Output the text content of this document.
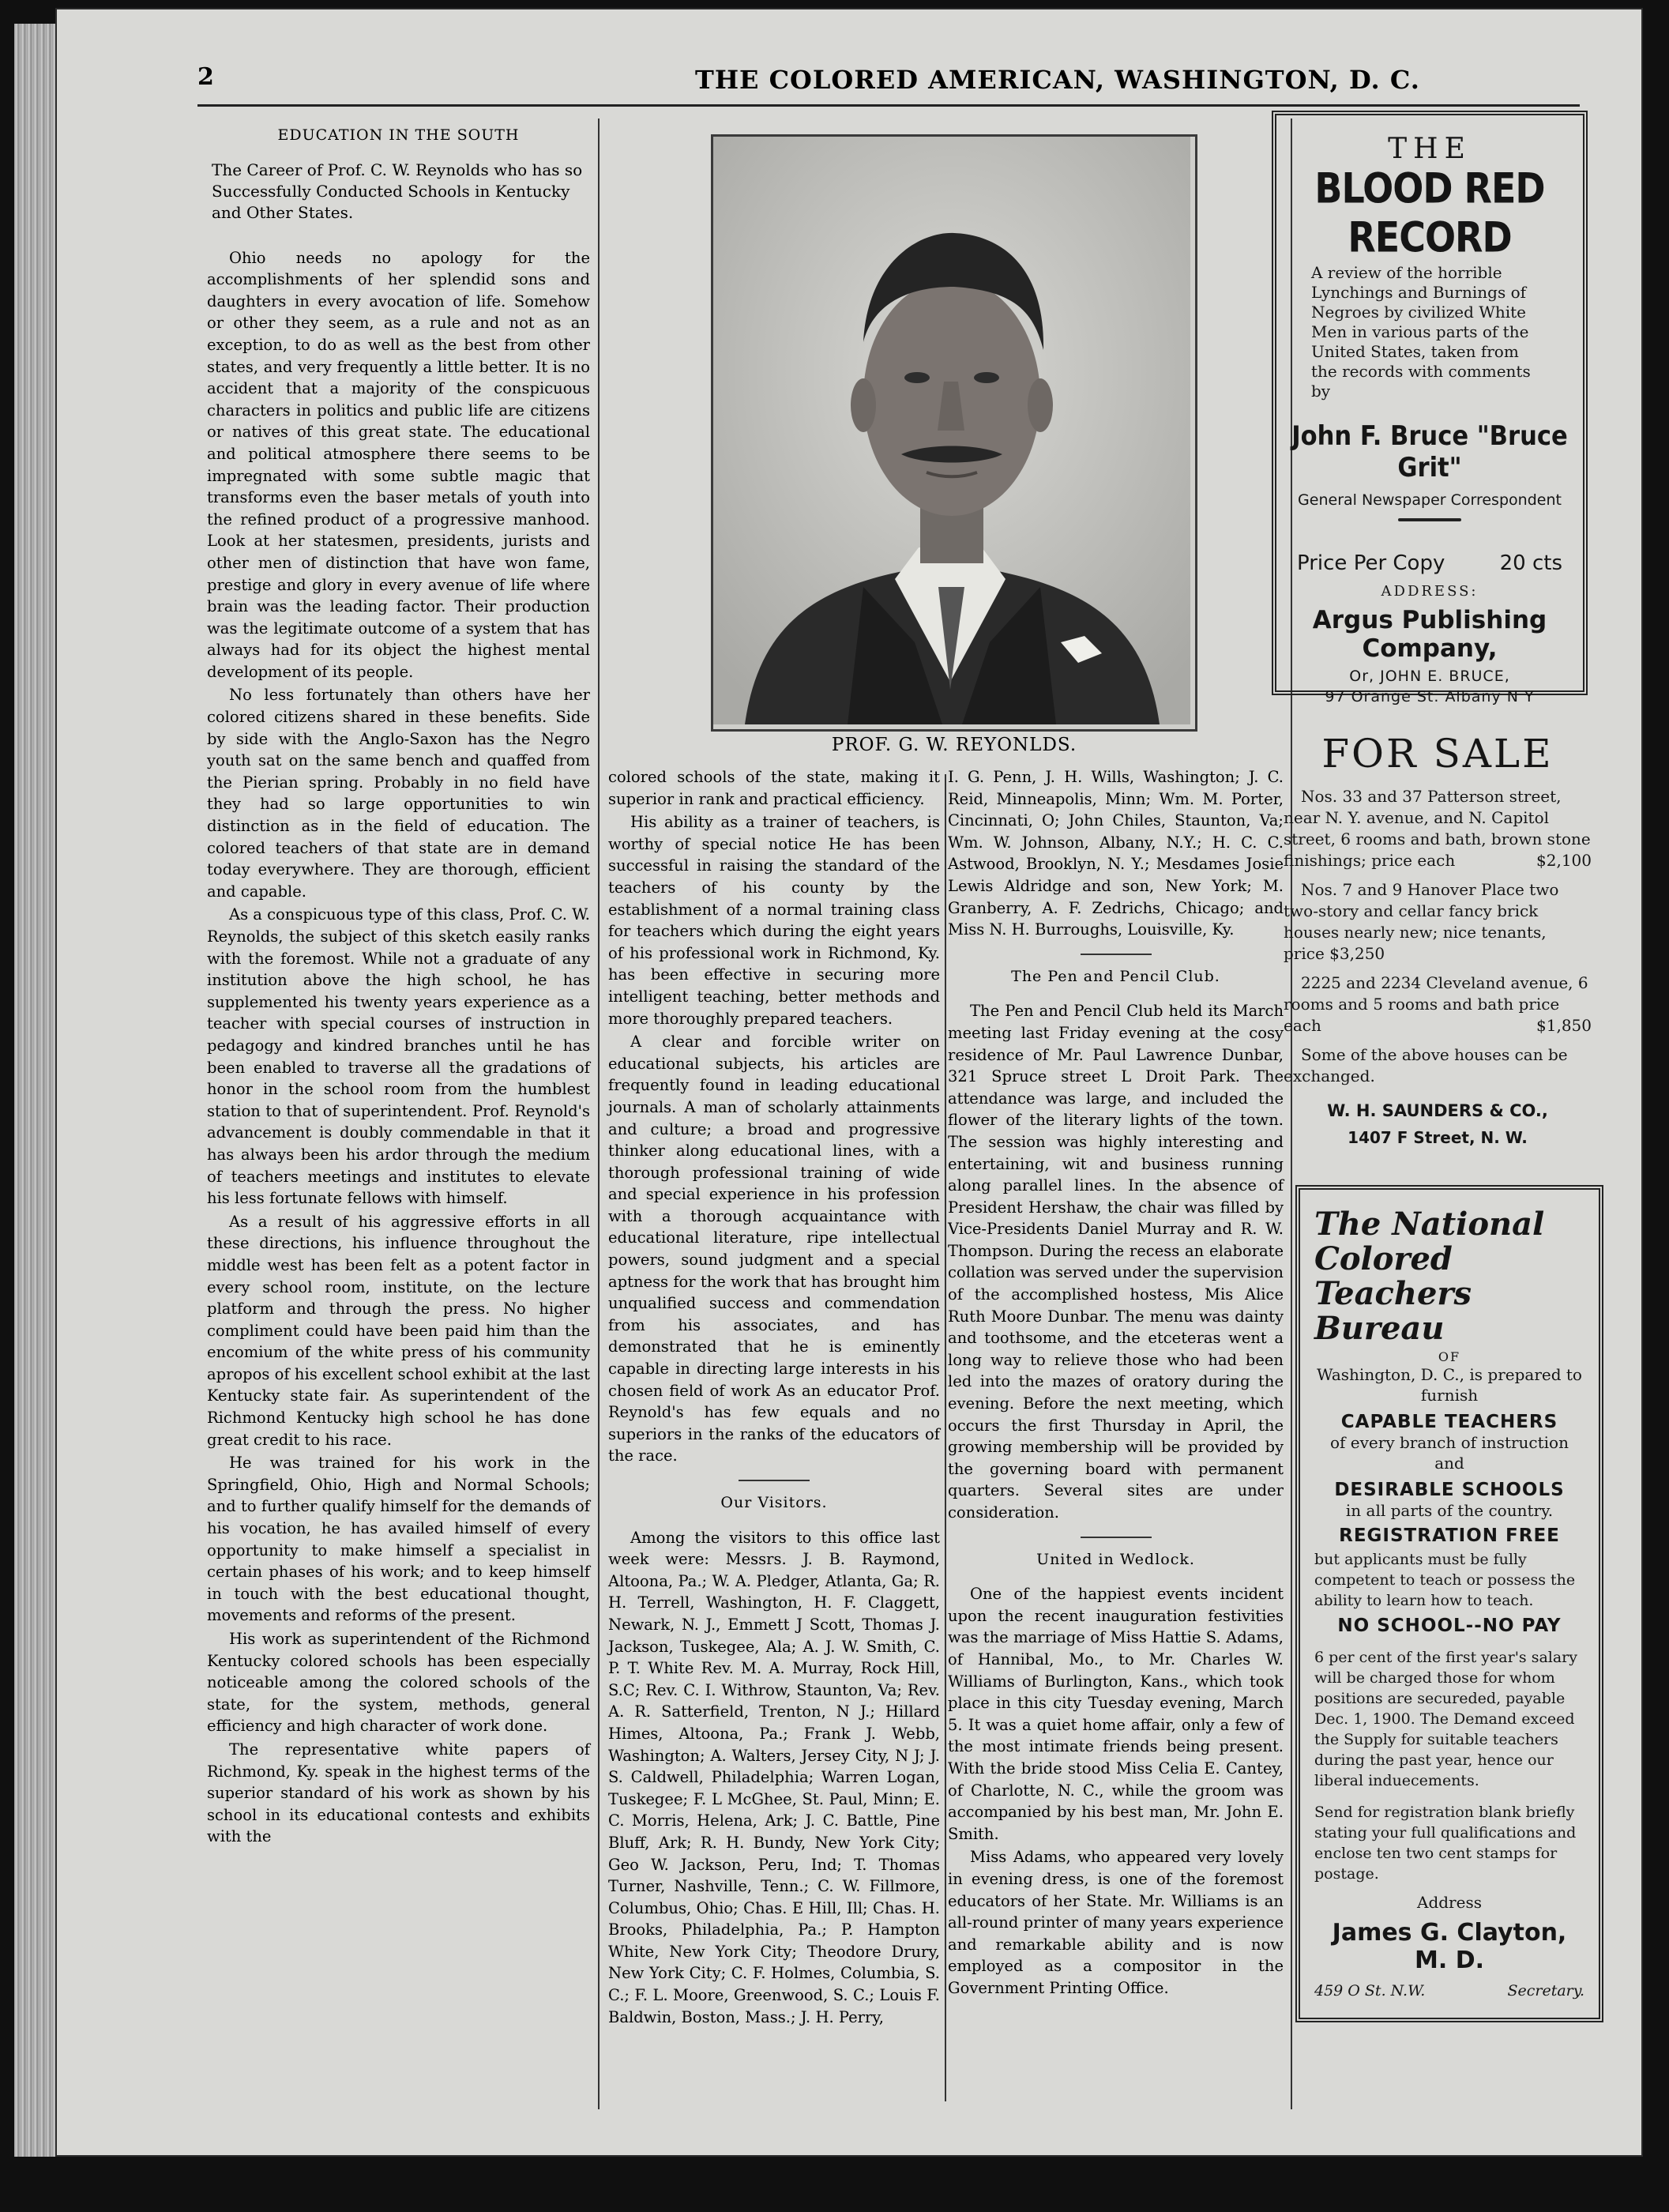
2	THE COLORED AMERICAN, WASHINGTON, D. C.
EDUCATION IN THE SOUTH
The Career of Prof. C. W. Reynolds who has so Successfully Conducted Schools in Kentucky and Other States.

Ohio needs no apology for the accomplishments of her splendid sons and daughters in every avocation of life. Somehow or other they seem, as a rule and not as an exception, to do as well as the best from other states, and very frequently a little better. It is no accident that a majority of the conspicuous characters in politics and public life are citizens or natives of this great state. The educational and political atmosphere there seems to be impregnated with some subtle magic that transforms even the baser metals of youth into the refined product of a progressive manhood. Look at her statesmen, presidents, jurists and other men of distinction that have won fame, prestige and glory in every avenue of life where brain was the leading factor. Their production was the legitimate outcome of a system that has always had for its object the highest mental development of its people.

No less fortunately than others have her colored citizens shared in these benefits. Side by side with the Anglo-Saxon has the Negro youth sat on the same bench and quaffed from the Pierian spring. Probably in no field have they had so large opportunities to win distinction as in the field of education. The colored teachers of that state are in demand today everywhere. They are thorough, efficient and capable.

As a conspicuous type of this class, Prof. C. W. Reynolds, the subject of this sketch easily ranks with the foremost. While not a graduate of any institution above the high school, he has supplemented his twenty years experience as a teacher with special courses of instruction in pedagogy and kindred branches until he has been enabled to traverse all the gradations of honor in the school room from the humblest station to that of superintendent. Prof. Reynold's advancement is doubly commendable in that it has always been his ardor through the medium of teachers meetings and institutes to elevate his less fortunate fellows with himself.

As a result of his aggressive efforts in all these directions, his influence throughout the middle west has been felt as a potent factor in every school room, institute, on the lecture platform and through the press. No higher compliment could have been paid him than the encomium of the white press of his community apropos of his excellent school exhibit at the last Kentucky state fair. As superintendent of the Richmond Kentucky high school he has done great credit to his race.

He was trained for his work in the Springfield, Ohio, High and Normal Schools; and to further qualify himself for the demands of his vocation, he has availed himself of every opportunity to make himself a specialist in certain phases of his work; and to keep himself in touch with the best educational thought, movements and reforms of the present.

His work as superintendent of the Richmond Kentucky colored schools has been especially noticeable among the colored schools of the state, for the system, methods, general efficiency and high character of work done.

The representative white papers of Richmond, Ky. speak in the highest terms of the superior standard of his work as shown by his school in its educational contests and exhibits with the

PROF. G. W. REYONLDS.

colored schools of the state, making it superior in rank and practical efficiency.

His ability as a trainer of teachers, is worthy of special notice He has been successful in raising the standard of the teachers of his county by the establishment of a normal training class for teachers which during the eight years of his professional work in Richmond, Ky. has been effective in securing more intelligent teaching, better methods and more thoroughly prepared teachers.

A clear and forcible writer on educational subjects, his articles are frequently found in leading educational journals. A man of scholarly attainments and culture; a broad and progressive thinker along educational lines, with a thorough professional training of wide and special experience in his profession with a thorough acquaintance with educational literature, ripe intellectual powers, sound judgment and a special aptness for the work that has brought him unqualified success and commendation from his associates, and has demonstrated that he is eminently capable in directing large interests in his chosen field of work As an educator Prof. Reynold's has few equals and no superiors in the ranks of the educators of the race.

Our Visitors.

Among the visitors to this office last week were: Messrs. J. B. Raymond, Altoona, Pa.; W. A. Pledger, Atlanta, Ga; R. H. Terrell, Washington, H. F. Claggett, Newark, N. J., Emmett J Scott, Thomas J. Jackson, Tuskegee, Ala; A. J. W. Smith, C. P. T. White Rev. M. A. Murray, Rock Hill, S.C; Rev. C. I. Withrow, Staunton, Va; Rev. A. R. Satterfield, Trenton, N J.; Hillard Himes, Altoona, Pa.; Frank J. Webb, Washington; A. Walters, Jersey City, N J; J. S. Caldwell, Philadelphia; Warren Logan, Tuskegee; F. L McGhee, St. Paul, Minn; E. C. Morris, Helena, Ark; J. C. Battle, Pine Bluff, Ark; R. H. Bundy, New York City; Geo W. Jackson, Peru, Ind; T. Thomas Turner, Nashville, Tenn.; C. W. Fillmore, Columbus, Ohio; Chas. E Hill, Ill; Chas. H. Brooks, Philadelphia, Pa.; P. Hampton White, New York City; Theodore Drury, New York City; C. F. Holmes, Columbia, S. C.; F. L. Moore, Greenwood, S. C.; Louis F. Baldwin, Boston, Mass.; J. H. Perry,

I. G. Penn, J. H. Wills, Washington; J. C. Reid, Minneapolis, Minn; Wm. M. Porter, Cincinnati, O; John Chiles, Staunton, Va; Wm. W. Johnson, Albany, N.Y.; H. C. C. Astwood, Brooklyn, N. Y.; Mesdames Josie Lewis Aldridge and son, New York; M. Granberry, A. F. Zedrichs, Chicago; and Miss N. H. Burroughs, Louisville, Ky.

The Pen and Pencil Club.

The Pen and Pencil Club held its March meeting last Friday evening at the cosy residence of Mr. Paul Lawrence Dunbar, 321 Spruce street L Droit Park. The attendance was large, and included the flower of the literary lights of the town. The session was highly interesting and entertaining, wit and business running along parallel lines. In the absence of President Hershaw, the chair was filled by Vice-Presidents Daniel Murray and R. W. Thompson. During the recess an elaborate collation was served under the supervision of the accomplished hostess, Mis Alice Ruth Moore Dunbar. The menu was dainty and toothsome, and the etceteras went a long way to relieve those who had been led into the mazes of oratory during the evening. Before the next meeting, which occurs the first Thursday in April, the growing membership will be provided by the governing board with permanent quarters. Several sites are under consideration.

United in Wedlock.

One of the happiest events incident upon the recent inauguration festivities was the marriage of Miss Hattie S. Adams, of Hannibal, Mo., to Mr. Charles W. Williams of Burlington, Kans., which took place in this city Tuesday evening, March 5. It was a quiet home affair, only a few of the most intimate friends being present. With the bride stood Miss Celia E. Cantey, of Charlotte, N. C., while the groom was accompanied by his best man, Mr. John E. Smith.

Miss Adams, who appeared very lovely in evening dress, is one of the foremost educators of her State. Mr. Williams is an all-round printer of many years experience and remarkable ability and is now employed as a compositor in the Government Printing Office.

THE
BLOOD RED RECORD
A review of the horrible Lynchings and Burnings of Negroes by civilized White Men in various parts of the United States, taken from the records with comments by
John F. Bruce "Bruce Grit"
General Newspaper Correspondent
Price Per Copy	20 cts
ADDRESS:
Argus Publishing Company,
Or, JOHN E. BRUCE,
97 Orange St. Albany N Y
FOR SALE

Nos. 33 and 37 Patterson street, near N. Y. avenue, and N. Capitol street, 6 rooms and bath, brown stone finishings; price each	$2,100

Nos. 7 and 9 Hanover Place two two-story and cellar fancy brick houses nearly new; nice tenants, price $3,250

2225 and 2234 Cleveland avenue, 6 rooms and 5 rooms and bath price each	$1,850

Some of the above houses can be exchanged.

W. H. SAUNDERS & CO.,
1407 F Street, N. W.
The National Colored Teachers Bureau
OF
Washington, D. C., is prepared to furnish
CAPABLE TEACHERS
of every branch of instruction and
DESIRABLE SCHOOLS
in all parts of the country.
REGISTRATION FREE
but applicants must be fully competent to teach or possess the ability to learn how to teach.
NO SCHOOL--NO PAY
6 per cent of the first year's salary will be charged those for whom positions are secureded, payable Dec. 1, 1900. The Demand exceed the Supply for suitable teachers during the past year, hence our liberal induecements.
Send for registration blank briefly stating your full qualifications and enclose ten two cent stamps for postage.
Address
James G. Clayton, M. D.
459 O St. N.W.	Secretary.
